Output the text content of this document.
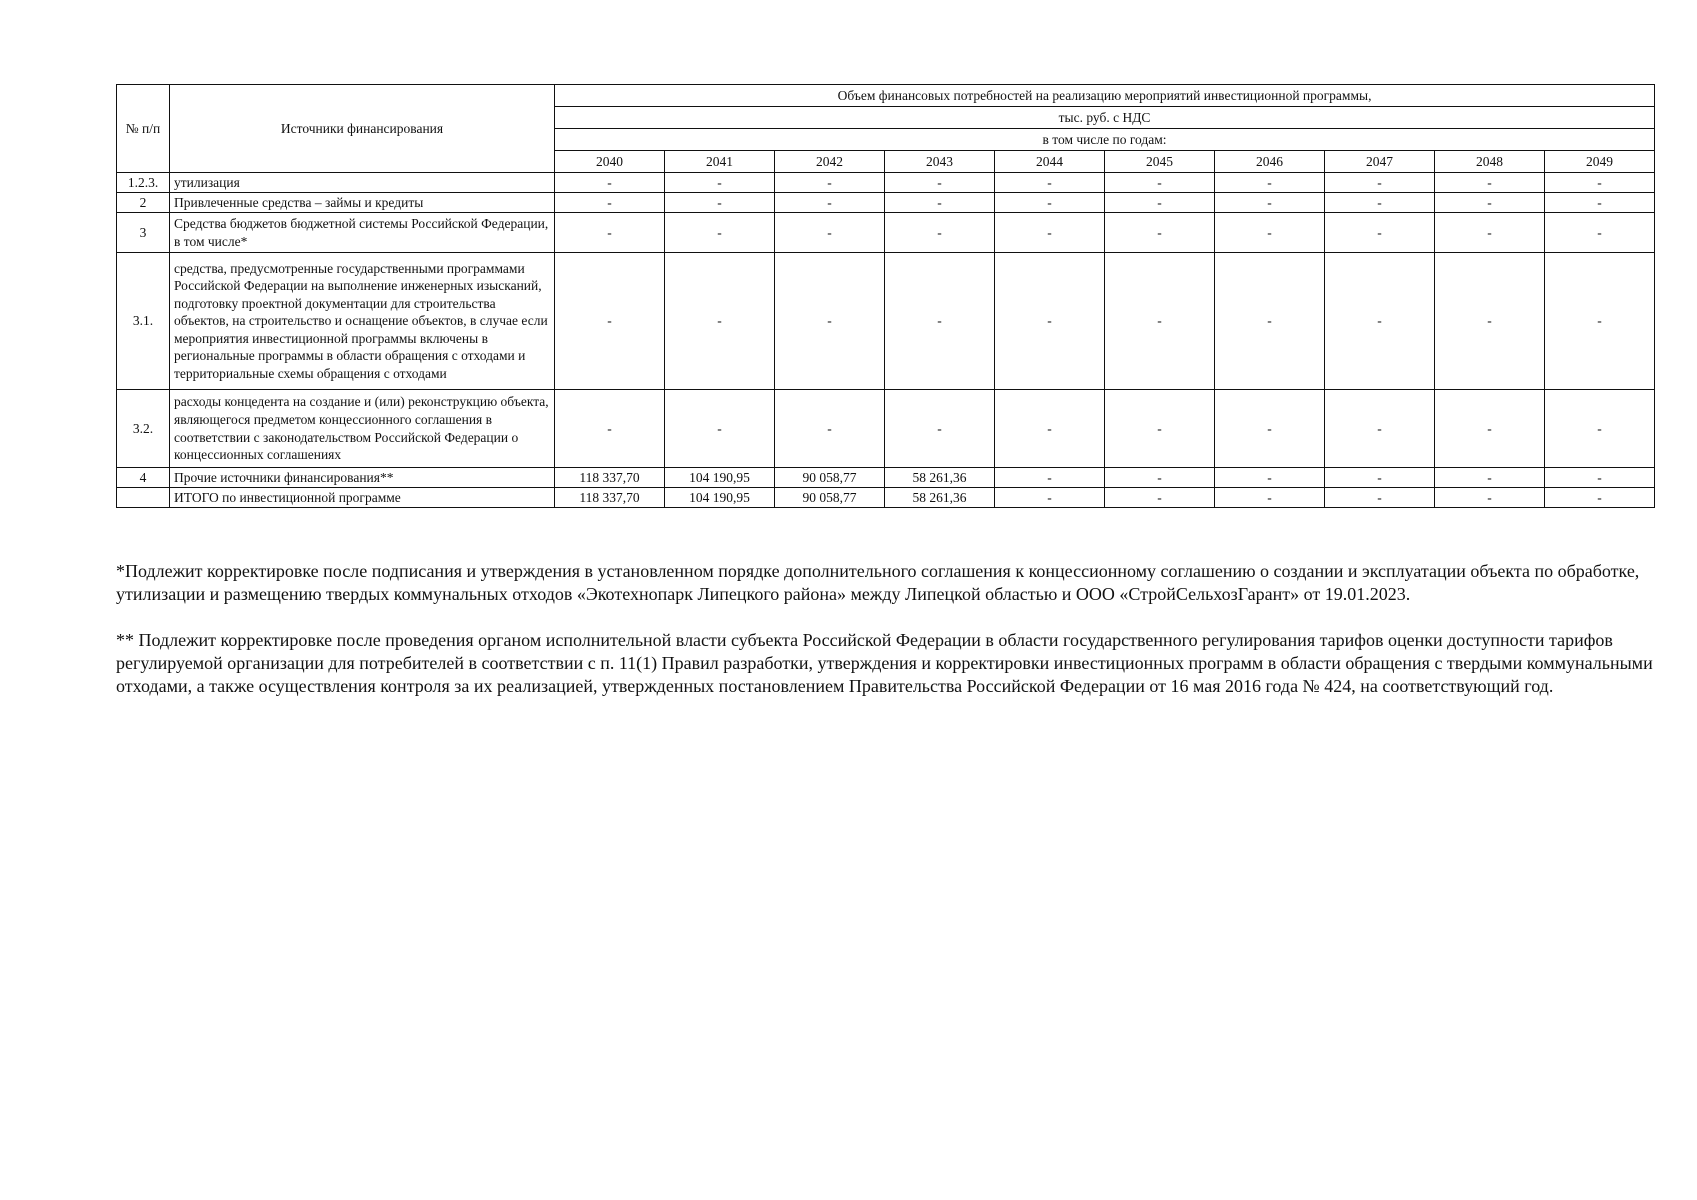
№ п/п	Источники финансирования	Объем финансовых потребностей на реализацию мероприятий инвестиционной программы,									
		тыс. руб. с НДС									
		в том числе по годам:									
		2040	2041	2042	2043	2044	2045	2046	2047	2048	2049
1.2.3.	утилизация	-	-	-	-	-	-	-	-	-	-
2	Привлеченные средства – займы и кредиты	-	-	-	-	-	-	-	-	-	-
3	Средства бюджетов бюджетной системы Российской Федерации, в том числе*	-	-	-	-	-	-	-	-	-	-
3.1.	средства, предусмотренные государственными программами Российской Федерации на выполнение инженерных изысканий, подготовку проектной документации для строительства объектов, на строительство и оснащение объектов, в случае если мероприятия инвестиционной программы включены в региональные программы в области обращения с отходами и территориальные схемы обращения с отходами	-	-	-	-	-	-	-	-	-	-
3.2.	расходы концедента на создание и (или) реконструкцию объекта, являющегося предметом концессионного соглашения в соответствии с законодательством Российской Федерации о концессионных соглашениях	-	-	-	-	-	-	-	-	-	-
4	Прочие источники финансирования**	118 337,70	104 190,95	90 058,77	58 261,36	-	-	-	-	-	-
	ИТОГО по инвестиционной программе	118 337,70	104 190,95	90 058,77	58 261,36	-	-	-	-	-	-

*Подлежит корректировке после подписания и утверждения в установленном порядке дополнительного соглашения к концессионному соглашению о создании и эксплуатации объекта по обработке, утилизации и размещению твердых коммунальных отходов «Экотехнопарк Липецкого района» между Липецкой областью и ООО «СтройСельхозГарант» от 19.01.2023.

** Подлежит корректировке после проведения органом исполнительной власти субъекта Российской Федерации в области государственного регулирования тарифов оценки доступности тарифов регулируемой организации для потребителей в соответствии с п. 11(1) Правил разработки, утверждения и корректировки инвестиционных программ в области обращения с твердыми коммунальными отходами, а также осуществления контроля за их реализацией, утвержденных постановлением Правительства Российской Федерации от 16 мая 2016 года № 424, на соответствующий год.
